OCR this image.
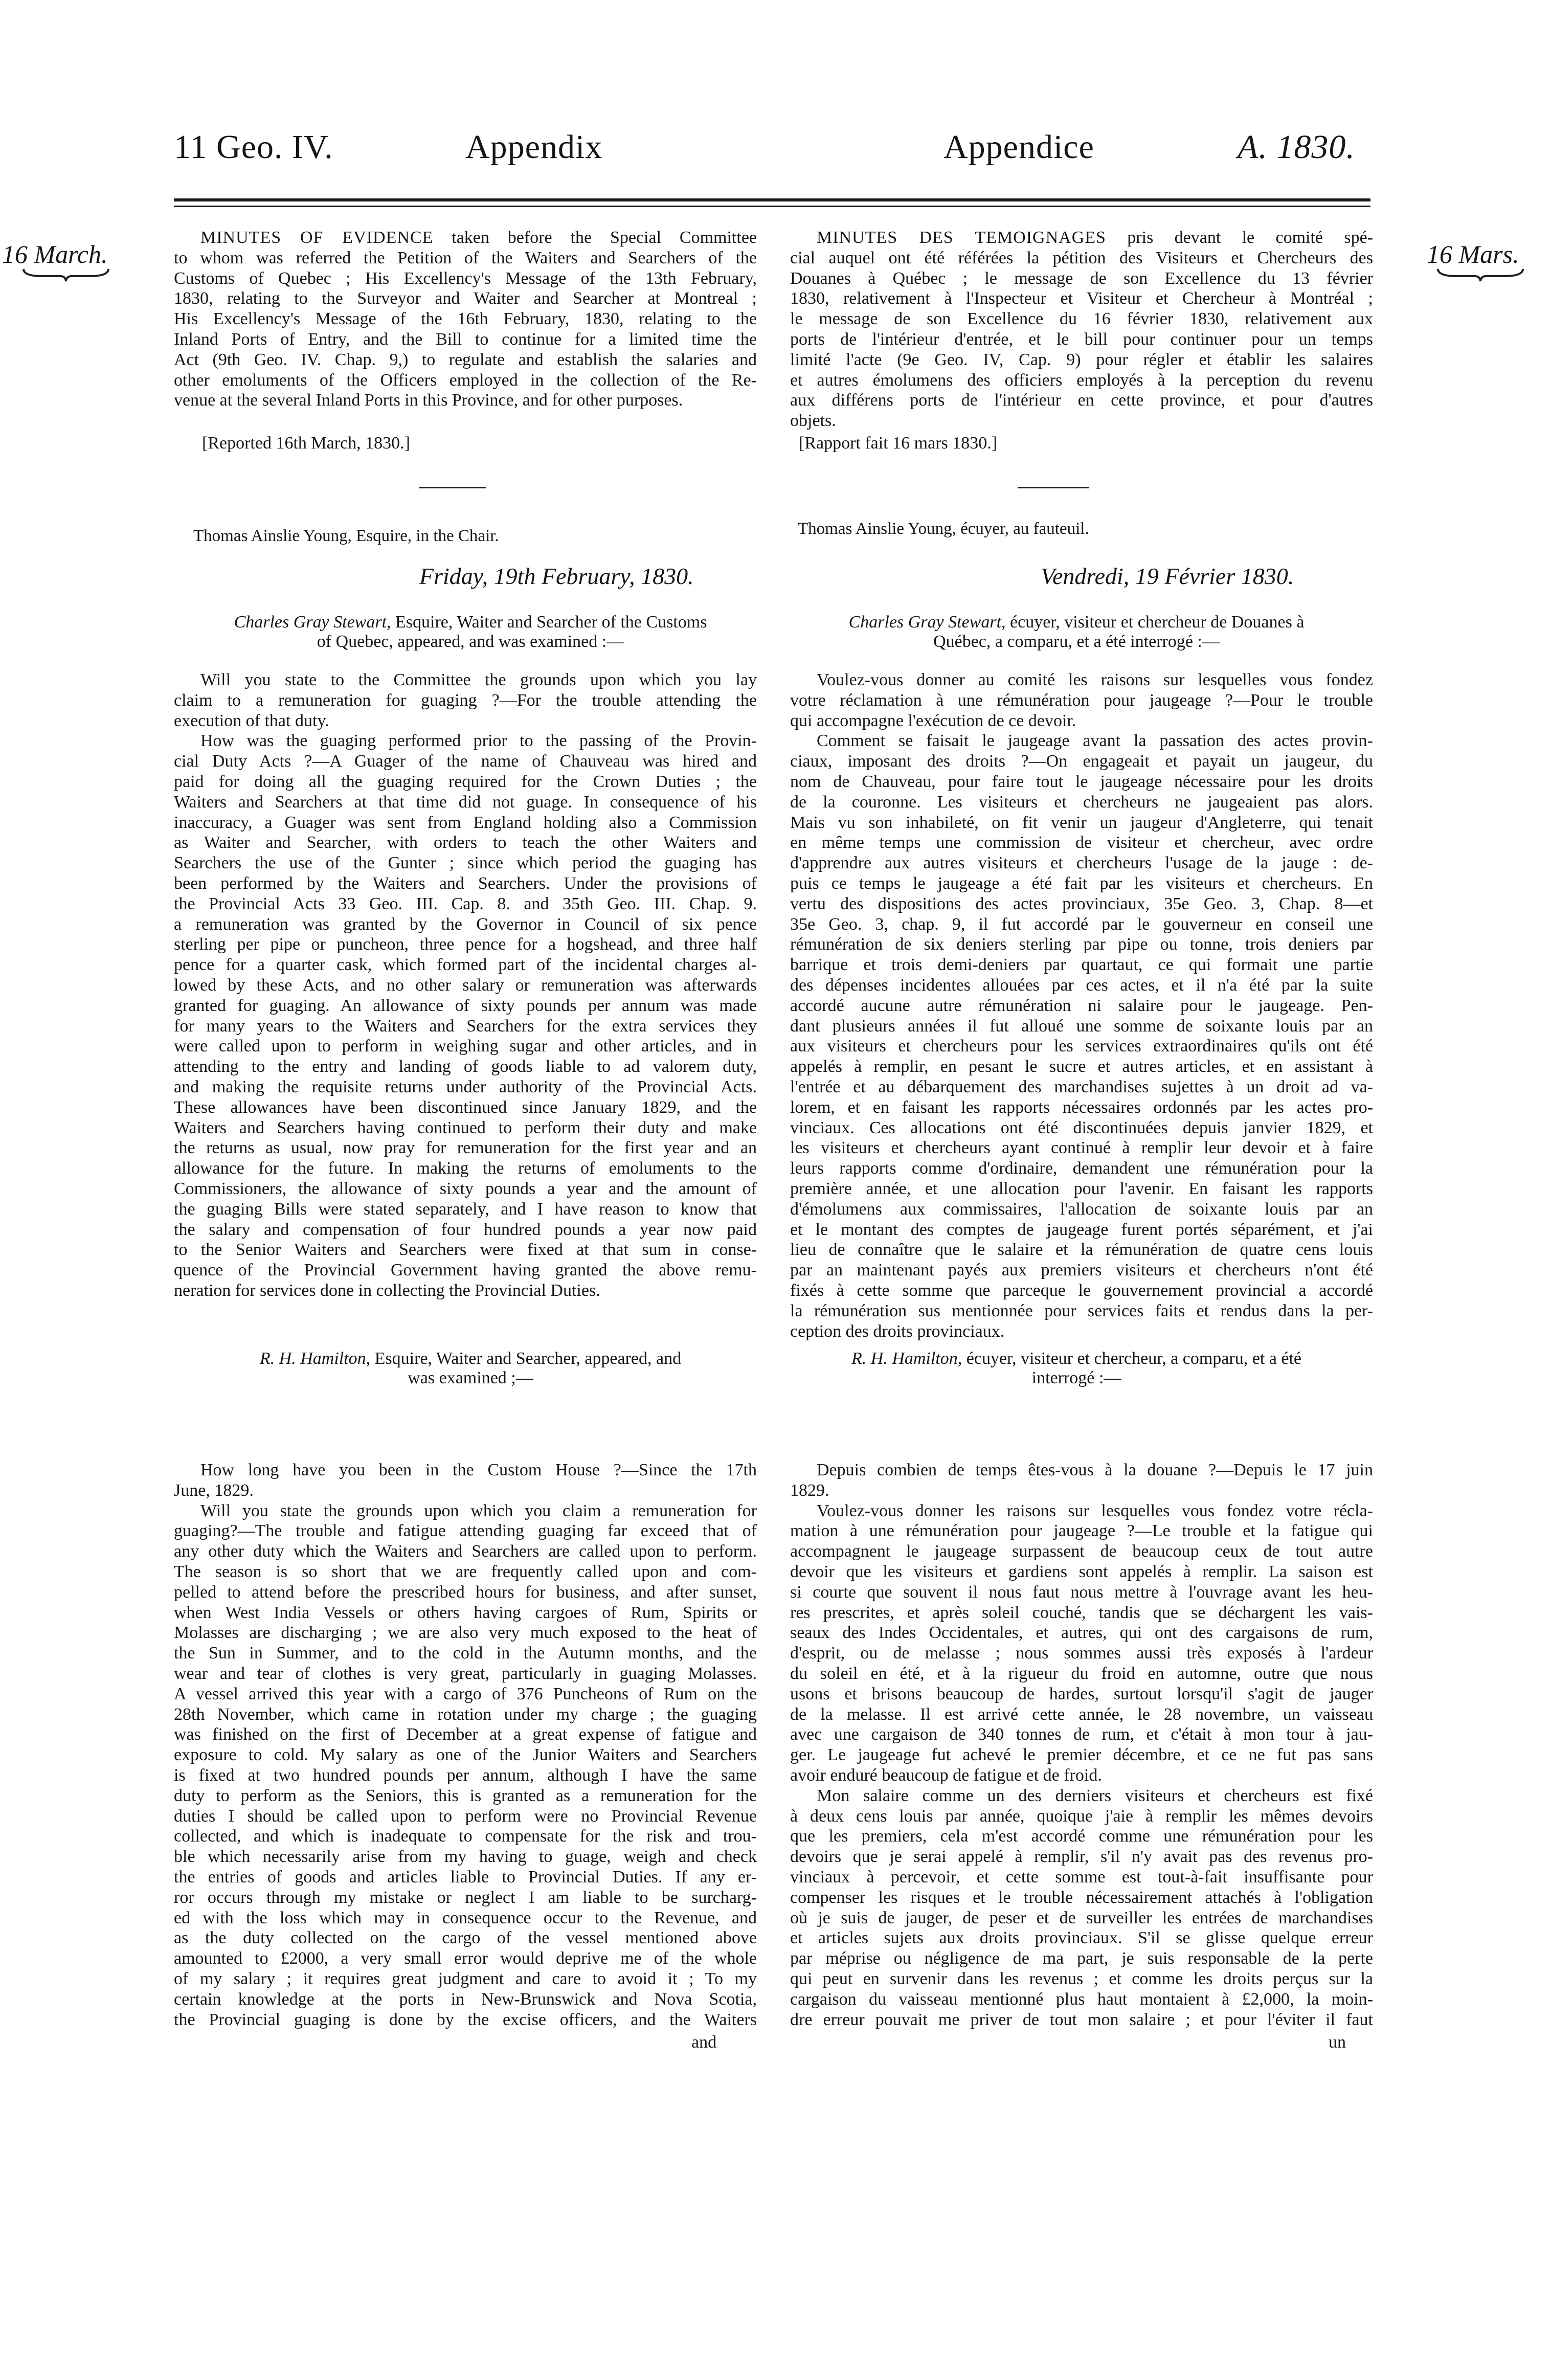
11 Geo. IV.	Appendix	Appendice	A. 1830.
16 March.	16 Mars.
MINUTES OF EVIDENCE taken before the Special Committee
to whom was referred the Petition of the Waiters and Searchers of the
Customs of Quebec ; His Excellency's Message of the 13th February,
1830, relating to the Surveyor and Waiter and Searcher at Montreal ;
His Excellency's Message of the 16th February, 1830, relating to the
Inland Ports of Entry, and the Bill to continue for a limited time the
Act (9th Geo. IV. Chap. 9,) to regulate and establish the salaries and
other emoluments of the Officers employed in the collection of the Re-
venue at the several Inland Ports in this Province, and for other purposes.
[Reported 16th March, 1830.]
Thomas Ainslie Young, Esquire, in the Chair.
Friday, 19th February, 1830.
Charles Gray Stewart, Esquire, Waiter and Searcher of the Customs
of Quebec, appeared, and was examined :—
Will you state to the Committee the grounds upon which you lay
claim to a remuneration for guaging ?—For the trouble attending the
execution of that duty.
How was the guaging performed prior to the passing of the Provin-
cial Duty Acts ?—A Guager of the name of Chauveau was hired and
paid for doing all the guaging required for the Crown Duties ; the
Waiters and Searchers at that time did not guage. In consequence of his
inaccuracy, a Guager was sent from England holding also a Commission
as Waiter and Searcher, with orders to teach the other Waiters and
Searchers the use of the Gunter ; since which period the guaging has
been performed by the Waiters and Searchers. Under the provisions of
the Provincial Acts 33 Geo. III. Cap. 8. and 35th Geo. III. Chap. 9.
a remuneration was granted by the Governor in Council of six pence
sterling per pipe or puncheon, three pence for a hogshead, and three half
pence for a quarter cask, which formed part of the incidental charges al-
lowed by these Acts, and no other salary or remuneration was afterwards
granted for guaging. An allowance of sixty pounds per annum was made
for many years to the Waiters and Searchers for the extra services they
were called upon to perform in weighing sugar and other articles, and in
attending to the entry and landing of goods liable to ad valorem duty,
and making the requisite returns under authority of the Provincial Acts.
These allowances have been discontinued since January 1829, and the
Waiters and Searchers having continued to perform their duty and make
the returns as usual, now pray for remuneration for the first year and an
allowance for the future. In making the returns of emoluments to the
Commissioners, the allowance of sixty pounds a year and the amount of
the guaging Bills were stated separately, and I have reason to know that
the salary and compensation of four hundred pounds a year now paid
to the Senior Waiters and Searchers were fixed at that sum in conse-
quence of the Provincial Government having granted the above remu-
neration for services done in collecting the Provincial Duties.
R. H. Hamilton, Esquire, Waiter and Searcher, appeared, and
was examined ;—
How long have you been in the Custom House ?—Since the 17th
June, 1829.
Will you state the grounds upon which you claim a remuneration for
guaging?—The trouble and fatigue attending guaging far exceed that of
any other duty which the Waiters and Searchers are called upon to perform.
The season is so short that we are frequently called upon and com-
pelled to attend before the prescribed hours for business, and after sunset,
when West India Vessels or others having cargoes of Rum, Spirits or
Molasses are discharging ; we are also very much exposed to the heat of
the Sun in Summer, and to the cold in the Autumn months, and the
wear and tear of clothes is very great, particularly in guaging Molasses.
A vessel arrived this year with a cargo of 376 Puncheons of Rum on the
28th November, which came in rotation under my charge ; the guaging
was finished on the first of December at a great expense of fatigue and
exposure to cold. My salary as one of the Junior Waiters and Searchers
is fixed at two hundred pounds per annum, although I have the same
duty to perform as the Seniors, this is granted as a remuneration for the
duties I should be called upon to perform were no Provincial Revenue
collected, and which is inadequate to compensate for the risk and trou-
ble which necessarily arise from my having to guage, weigh and check
the entries of goods and articles liable to Provincial Duties. If any er-
ror occurs through my mistake or neglect I am liable to be surcharg-
ed with the loss which may in consequence occur to the Revenue, and
as the duty collected on the cargo of the vessel mentioned above
amounted to £2000, a very small error would deprive me of the whole
of my salary ; it requires great judgment and care to avoid it ; To my
certain knowledge at the ports in New-Brunswick and Nova Scotia,
the Provincial guaging is done by the excise officers, and the Waiters
and
MINUTES DES TEMOIGNAGES pris devant le comité spé-
cial auquel ont été référées la pétition des Visiteurs et Chercheurs des
Douanes à Québec ; le message de son Excellence du 13 février
1830, relativement à l'Inspecteur et Visiteur et Chercheur à Montréal ;
le message de son Excellence du 16 février 1830, relativement aux
ports de l'intérieur d'entrée, et le bill pour continuer pour un temps
limité l'acte (9e Geo. IV, Cap. 9) pour régler et établir les salaires
et autres émolumens des officiers employés à la perception du revenu
aux différens ports de l'intérieur en cette province, et pour d'autres
objets.
[Rapport fait 16 mars 1830.]
Thomas Ainslie Young, écuyer, au fauteuil.
Vendredi, 19 Février 1830.
Charles Gray Stewart, écuyer, visiteur et chercheur de Douanes à
Québec, a comparu, et a été interrogé :—
Voulez-vous donner au comité les raisons sur lesquelles vous fondez
votre réclamation à une rémunération pour jaugeage ?—Pour le trouble
qui accompagne l'exécution de ce devoir.
Comment se faisait le jaugeage avant la passation des actes provin-
ciaux, imposant des droits ?—On engageait et payait un jaugeur, du
nom de Chauveau, pour faire tout le jaugeage nécessaire pour les droits
de la couronne. Les visiteurs et chercheurs ne jaugeaient pas alors.
Mais vu son inhabileté, on fit venir un jaugeur d'Angleterre, qui tenait
en même temps une commission de visiteur et chercheur, avec ordre
d'apprendre aux autres visiteurs et chercheurs l'usage de la jauge : de-
puis ce temps le jaugeage a été fait par les visiteurs et chercheurs. En
vertu des dispositions des actes provinciaux, 35e Geo. 3, Chap. 8—et
35e Geo. 3, chap. 9, il fut accordé par le gouverneur en conseil une
rémunération de six deniers sterling par pipe ou tonne, trois deniers par
barrique et trois demi-deniers par quartaut, ce qui formait une partie
des dépenses incidentes allouées par ces actes, et il n'a été par la suite
accordé aucune autre rémunération ni salaire pour le jaugeage. Pen-
dant plusieurs années il fut alloué une somme de soixante louis par an
aux visiteurs et chercheurs pour les services extraordinaires qu'ils ont été
appelés à remplir, en pesant le sucre et autres articles, et en assistant à
l'entrée et au débarquement des marchandises sujettes à un droit ad va-
lorem, et en faisant les rapports nécessaires ordonnés par les actes pro-
vinciaux. Ces allocations ont été discontinuées depuis janvier 1829, et
les visiteurs et chercheurs ayant continué à remplir leur devoir et à faire
leurs rapports comme d'ordinaire, demandent une rémunération pour la
première année, et une allocation pour l'avenir. En faisant les rapports
d'émolumens aux commissaires, l'allocation de soixante louis par an
et le montant des comptes de jaugeage furent portés séparément, et j'ai
lieu de connaître que le salaire et la rémunération de quatre cens louis
par an maintenant payés aux premiers visiteurs et chercheurs n'ont été
fixés à cette somme que parceque le gouvernement provincial a accordé
la rémunération sus mentionnée pour services faits et rendus dans la per-
ception des droits provinciaux.
R. H. Hamilton, écuyer, visiteur et chercheur, a comparu, et a été
interrogé :—
Depuis combien de temps êtes-vous à la douane ?—Depuis le 17 juin
1829.
Voulez-vous donner les raisons sur lesquelles vous fondez votre récla-
mation à une rémunération pour jaugeage ?—Le trouble et la fatigue qui
accompagnent le jaugeage surpassent de beaucoup ceux de tout autre
devoir que les visiteurs et gardiens sont appelés à remplir. La saison est
si courte que souvent il nous faut nous mettre à l'ouvrage avant les heu-
res prescrites, et après soleil couché, tandis que se déchargent les vais-
seaux des Indes Occidentales, et autres, qui ont des cargaisons de rum,
d'esprit, ou de melasse ; nous sommes aussi très exposés à l'ardeur
du soleil en été, et à la rigueur du froid en automne, outre que nous
usons et brisons beaucoup de hardes, surtout lorsqu'il s'agit de jauger
de la melasse. Il est arrivé cette année, le 28 novembre, un vaisseau
avec une cargaison de 340 tonnes de rum, et c'était à mon tour à jau-
ger. Le jaugeage fut achevé le premier décembre, et ce ne fut pas sans
avoir enduré beaucoup de fatigue et de froid.
Mon salaire comme un des derniers visiteurs et chercheurs est fixé
à deux cens louis par année, quoique j'aie à remplir les mêmes devoirs
que les premiers, cela m'est accordé comme une rémunération pour les
devoirs que je serai appelé à remplir, s'il n'y avait pas des revenus pro-
vinciaux à percevoir, et cette somme est tout-à-fait insuffisante pour
compenser les risques et le trouble nécessairement attachés à l'obligation
où je suis de jauger, de peser et de surveiller les entrées de marchandises
et articles sujets aux droits provinciaux. S'il se glisse quelque erreur
par méprise ou négligence de ma part, je suis responsable de la perte
qui peut en survenir dans les revenus ; et comme les droits perçus sur la
cargaison du vaisseau mentionné plus haut montaient à £2,000, la moin-
dre erreur pouvait me priver de tout mon salaire ; et pour l'éviter il faut
un
